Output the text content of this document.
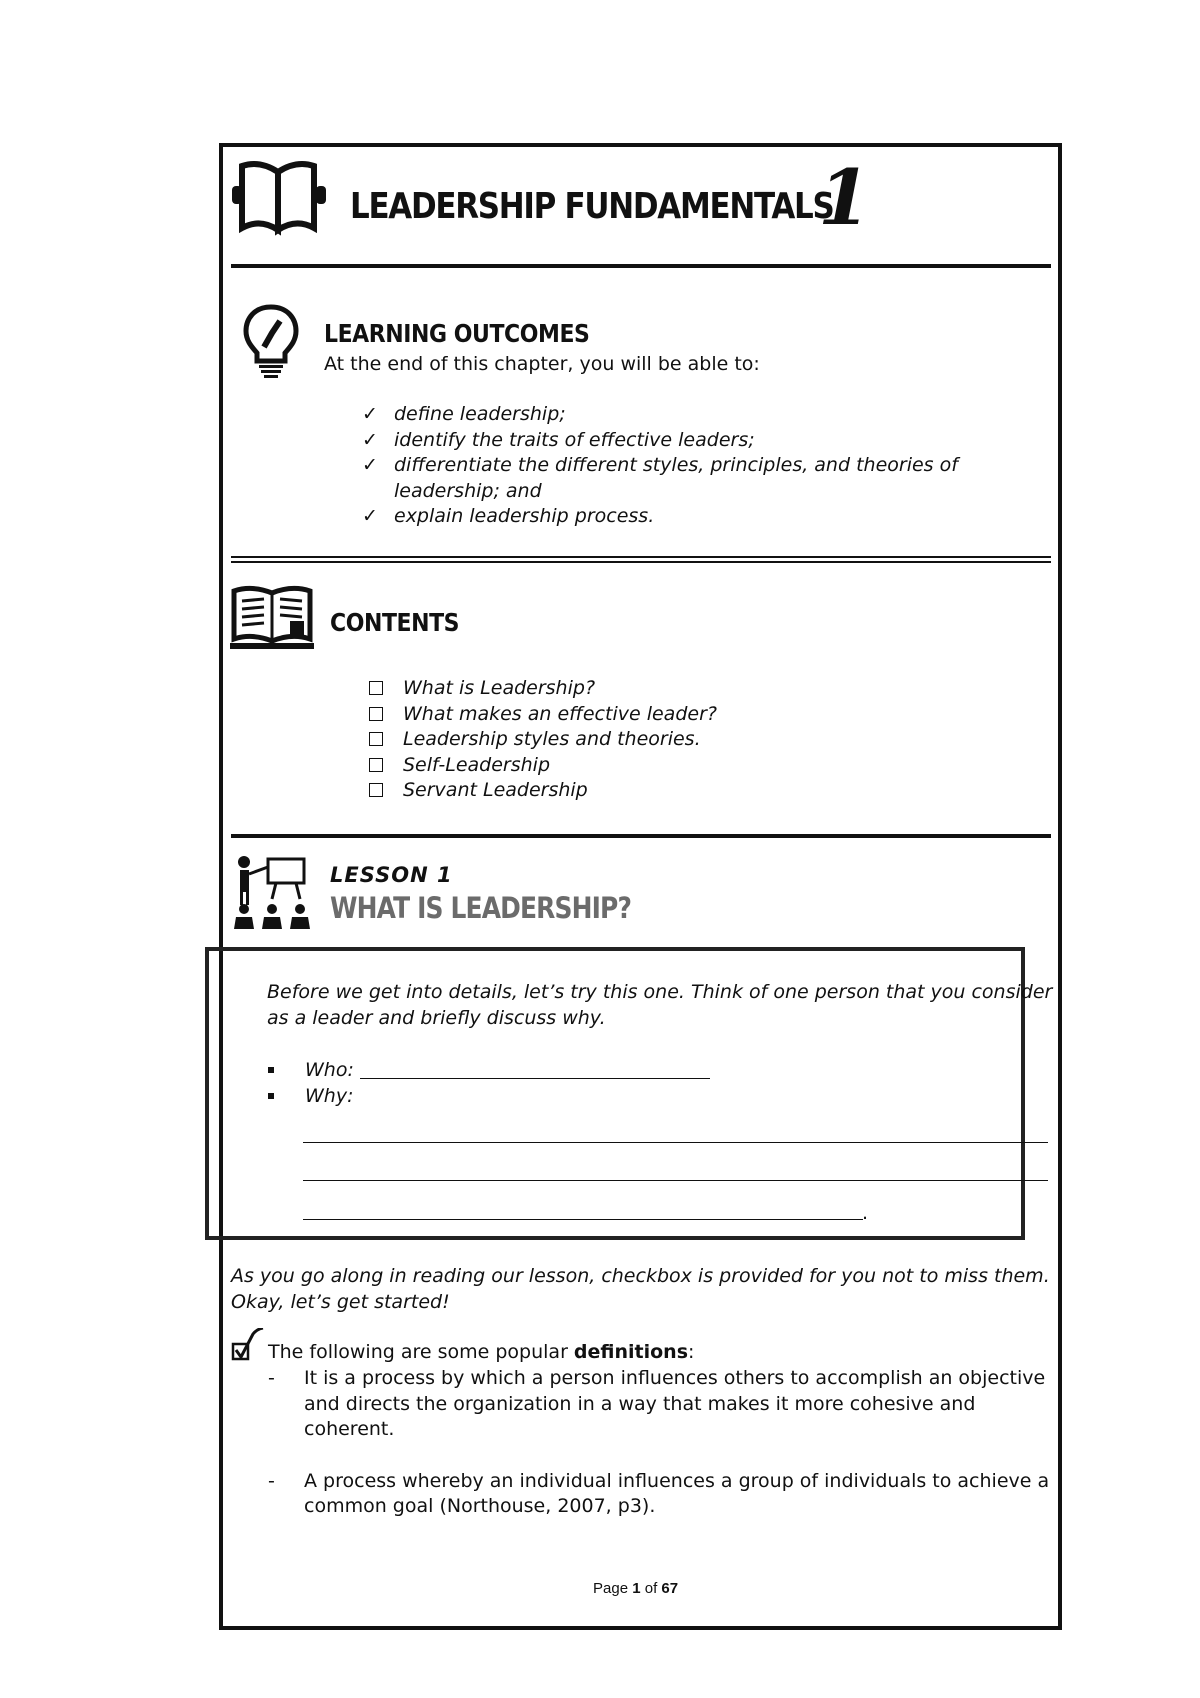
LEADERSHIP FUNDAMENTALS
1
LEARNING OUTCOMES
At the end of this chapter, you will be able to:
✓ define leadership;
✓ identify the traits of effective leaders;
✓ differentiate the different styles, principles, and theories of
leadership; and
✓ explain leadership process.
CONTENTS
What is Leadership?
What makes an effective leader?
Leadership styles and theories.
Self-Leadership
Servant Leadership
LESSON 1
WHAT IS LEADERSHIP?
Before we get into details, let’s try this one. Think of one person that you consider
as a leader and briefly discuss why.
Who:
Why:
.
As you go along in reading our lesson, checkbox is provided for you not to miss them.
Okay, let’s get started!
The following are some popular definitions:
- It is a process by which a person influences others to accomplish an objective
and directs the organization in a way that makes it more cohesive and
coherent.
- A process whereby an individual influences a group of individuals to achieve a
common goal (Northouse, 2007, p3).
Page 1 of 67
